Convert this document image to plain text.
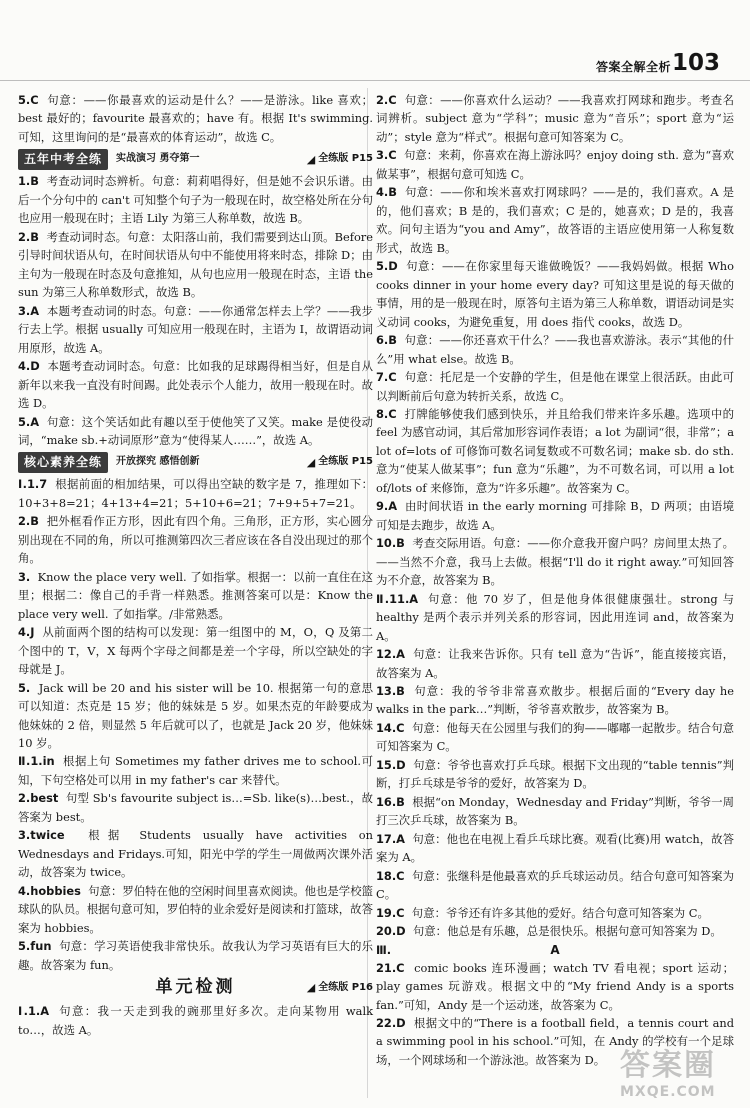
答案全解全析 103

5.C 句意：——你最喜欢的运动是什么？——是游泳。like 喜欢；best 最好的；favourite 最喜欢的；have 有。根据 It's swimming.可知，这里询问的是“最喜欢的体育运动”，故选 C。

五年中考全练	实战演习 勇夺第一	◢ 全练版 P15

1.B 考查动词时态辨析。句意：莉莉唱得好，但是她不会识乐谱。由后一个分句中的 can't 可知整个句子为一般现在时，故空格处所在分句也应用一般现在时；主语 Lily 为第三人称单数，故选 B。

2.B 考查动词时态。句意：太阳落山前，我们需要到达山顶。Before 引导时间状语从句，在时间状语从句中不能使用将来时态，排除 D；由主句为一般现在时态及句意推知，从句也应用一般现在时态，主语 the sun 为第三人称单数形式，故选 B。

3.A 本题考查动词的时态。句意：——你通常怎样去上学？——我步行去上学。根据 usually 可知应用一般现在时，主语为 I，故谓语动词用原形，故选 A。

4.D 本题考查动词时态。句意：比如我的足球踢得相当好，但是自从新年以来我一直没有时间踢。此处表示个人能力，故用一般现在时。故选 D。

5.A 句意：这个笑话如此有趣以至于使他笑了又笑。make 是使役动词，“make sb.+动词原形”意为“使得某人……”，故选 A。

核心素养全练	开放探究 感悟创新	◢ 全练版 P15

Ⅰ.1.7 根据前面的相加结果，可以得出空缺的数字是 7，推理如下：10+3+8=21；4+13+4=21；5+10+6=21；7+9+5+7=21。

2.B 把外框看作正方形，因此有四个角。三角形，正方形，实心圆分别出现在不同的角，所以可推测第四次三者应该在各自没出现过的那个角。

3. Know the place very well. 了如指掌。根据一：以前一直住在这里；根据二：像自己的手背一样熟悉。推测答案可以是：Know the place very well. 了如指掌。/非常熟悉。

4.J 从前面两个图的结构可以发现：第一组图中的 M，O，Q 及第二个图中的 T，V，X 每两个字母之间都是差一个字母，所以空缺处的字母就是 J。

5. Jack will be 20 and his sister will be 10. 根据第一句的意思可以知道：杰克是 15 岁；他的妹妹是 5 岁。如果杰克的年龄要成为他妹妹的 2 倍，则显然 5 年后就可以了，也就是 Jack 20 岁，他妹妹 10 岁。

Ⅱ.1.in 根据上句 Sometimes my father drives me to school.可知，下句空格处可以用 in my father's car 来替代。

2.best 句型 Sb's favourite subject is…=Sb. like(s)…best.，故答案为 best。

3.twice 根据 Students usually have activities on Wednesdays and Fridays.可知，阳光中学的学生一周做两次课外活动，故答案为 twice。

4.hobbies 句意：罗伯特在他的空闲时间里喜欢阅读。他也是学校篮球队的队员。根据句意可知，罗伯特的业余爱好是阅读和打篮球，故答案为 hobbies。

5.fun 句意：学习英语使我非常快乐。故我认为学习英语有巨大的乐趣。故答案为 fun。

单元检测	◢ 全练版 P16

Ⅰ.1.A 句意：我一天走到我的豌那里好多次。走向某物用 walk to…，故选 A。

2.C 句意：——你喜欢什么运动？——我喜欢打网球和跑步。考查名词辨析。subject 意为“学科”；music 意为“音乐”；sport 意为“运动”；style 意为“样式”。根据句意可知答案为 C。

3.C 句意：来莉，你喜欢在海上游泳吗？enjoy doing sth. 意为“喜欢做某事”，根据句意可知选 C。

4.B 句意：——你和埃米喜欢打网球吗？——是的，我们喜欢。A 是的，他们喜欢；B 是的，我们喜欢；C 是的，她喜欢；D 是的，我喜欢。问句主语为“you and Amy”，故答语的主语应使用第一人称复数形式，故选 B。

5.D 句意：——在你家里每天谁做晚饭？——我妈妈做。根据 Who cooks dinner in your home every day? 可知这里是说的每天做的事情，用的是一般现在时，原答句主语为第三人称单数，谓语动词是实义动词 cooks，为避免重复，用 does 指代 cooks，故选 D。

6.B 句意：——你还喜欢干什么？——我也喜欢游泳。表示“其他的什么”用 what else。故选 B。

7.C 句意：托尼是一个安静的学生，但是他在课堂上很活跃。由此可以判断前后句意为转折关系，故选 C。

8.C 打牌能够使我们感到快乐，并且给我们带来许多乐趣。选项中的 feel 为感官动词，其后常加形容词作表语；a lot 为副词“很，非常”；a lot of=lots of 可修饰可数名词复数或不可数名词；make sb. do sth.意为“使某人做某事”；fun 意为“乐趣”，为不可数名词，可以用 a lot of/lots of 来修饰，意为“许多乐趣”。故答案为 C。

9.A 由时间状语 in the early morning 可排除 B，D 两项；由语境可知是去跑步，故选 A。

10.B 考查交际用语。句意：——你介意我开窗户吗？房间里太热了。——当然不介意，我马上去做。根据“I'll do it right away.”可知回答为不介意，故答案为 B。

Ⅱ.11.A 句意：他 70 岁了，但是他身体很健康强壮。strong 与 healthy 是两个表示并列关系的形容词，因此用连词 and，故答案为 A。

12.A 句意：让我来告诉你。只有 tell 意为“告诉”，能直接接宾语，故答案为 A。

13.B 句意：我的爷爷非常喜欢散步。根据后面的“Every day he walks in the park…”判断，爷爷喜欢散步，故答案为 B。

14.C 句意：他每天在公园里与我们的狗——嘟嘟一起散步。结合句意可知答案为 C。

15.D 句意：爷爷也喜欢打乒乓球。根据下文出现的“table tennis”判断，打乒乓球是爷爷的爱好，故答案为 D。

16.B 根据“on Monday，Wednesday and Friday”判断，爷爷一周打三次乒乓球，故答案为 B。

17.A 句意：他也在电视上看乒乓球比赛。观看(比赛)用 watch，故答案为 A。

18.C 句意：张继科是他最喜欢的乒乓球运动员。结合句意可知答案为 C。

19.C 句意：爷爷还有许多其他的爱好。结合句意可知答案为 C。

20.D 句意：他总是有乐趣，总是很快乐。根据句意可知答案为 D。

Ⅲ.	A

21.C comic books 连环漫画；watch TV 看电视；sport 运动；play games 玩游戏。根据文中的“My friend Andy is a sports fan.”可知，Andy 是一个运动迷，故答案为 C。

22.D 根据文中的“There is a football field，a tennis court and a swimming pool in his school.”可知，在 Andy 的学校有一个足球场，一个网球场和一个游泳池。故答案为 D。 答案圈
MXQE.COM
